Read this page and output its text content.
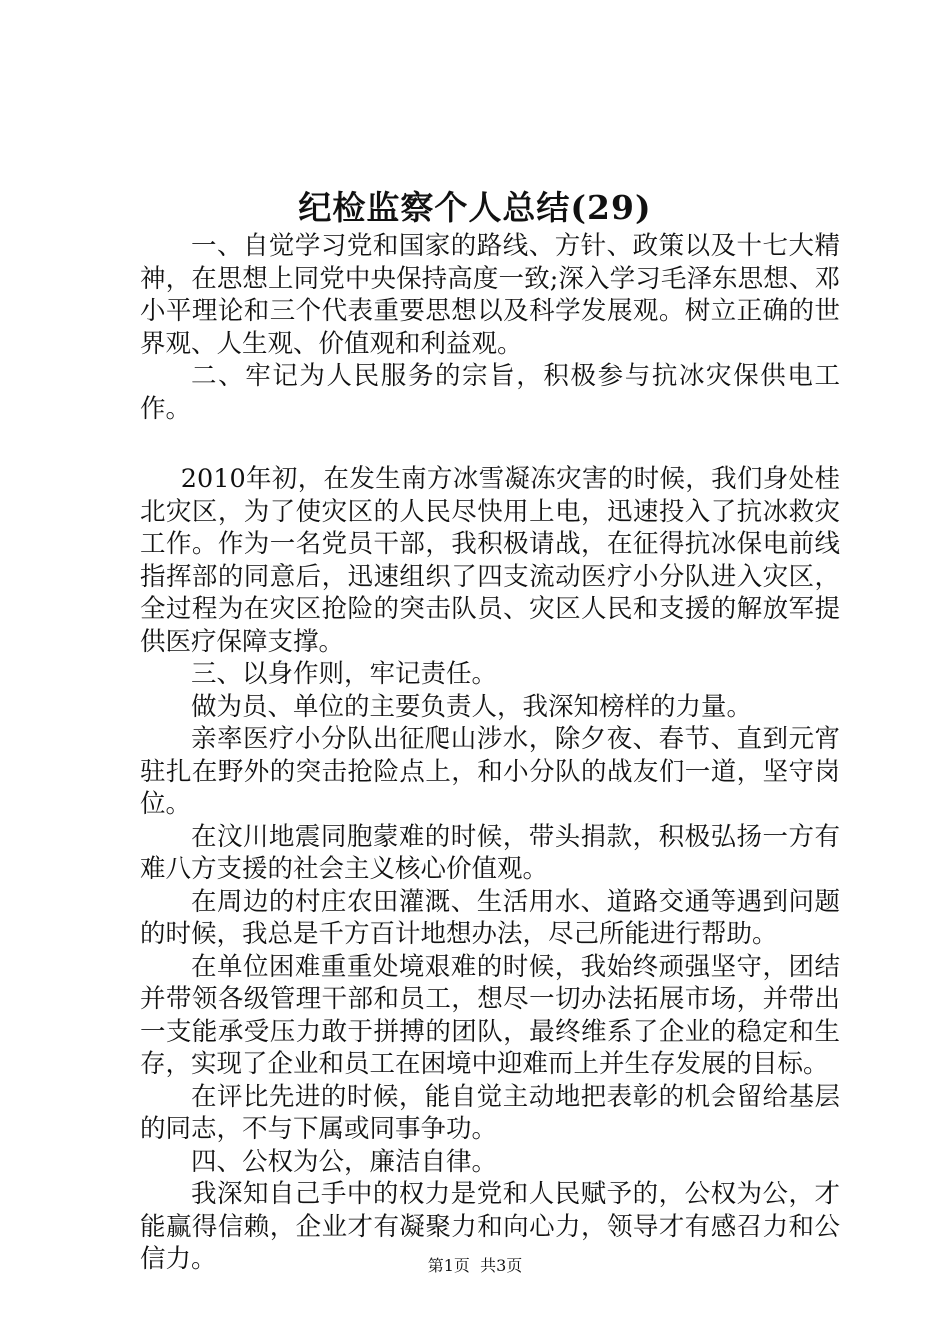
纪检监察个人总结(29)

一、自觉学习党和国家的路线、方针、政策以及十七大精神，在思想上同党中央保持高度一致;深入学习毛泽东思想、邓小平理论和三个代表重要思想以及科学发展观。树立正确的世界观、人生观、价值观和利益观。

二、牢记为人民服务的宗旨，积极参与抗冰灾保供电工作。

2010年初，在发生南方冰雪凝冻灾害的时候，我们身处桂北灾区，为了使灾区的人民尽快用上电，迅速投入了抗冰救灾工作。作为一名党员干部，我积极请战，在征得抗冰保电前线指挥部的同意后，迅速组织了四支流动医疗小分队进入灾区，全过程为在灾区抢险的突击队员、灾区人民和支援的解放军提供医疗保障支撑。

三、以身作则，牢记责任。

做为员、单位的主要负责人，我深知榜样的力量。

亲率医疗小分队出征爬山涉水，除夕夜、春节、直到元宵驻扎在野外的突击抢险点上，和小分队的战友们一道，坚守岗位。

在汶川地震同胞蒙难的时候，带头捐款，积极弘扬一方有难八方支援的社会主义核心价值观。

在周边的村庄农田灌溉、生活用水、道路交通等遇到问题的时候，我总是千方百计地想办法，尽己所能进行帮助。

在单位困难重重处境艰难的时候，我始终顽强坚守，团结并带领各级管理干部和员工，想尽一切办法拓展市场，并带出一支能承受压力敢于拼搏的团队，最终维系了企业的稳定和生存，实现了企业和员工在困境中迎难而上并生存发展的目标。

在评比先进的时候，能自觉主动地把表彰的机会留给基层的同志，不与下属或同事争功。

四、公权为公，廉洁自律。

我深知自己手中的权力是党和人民赋予的，公权为公，才能赢得信赖，企业才有凝聚力和向心力，领导才有感召力和公信力。	第1页  共3页
